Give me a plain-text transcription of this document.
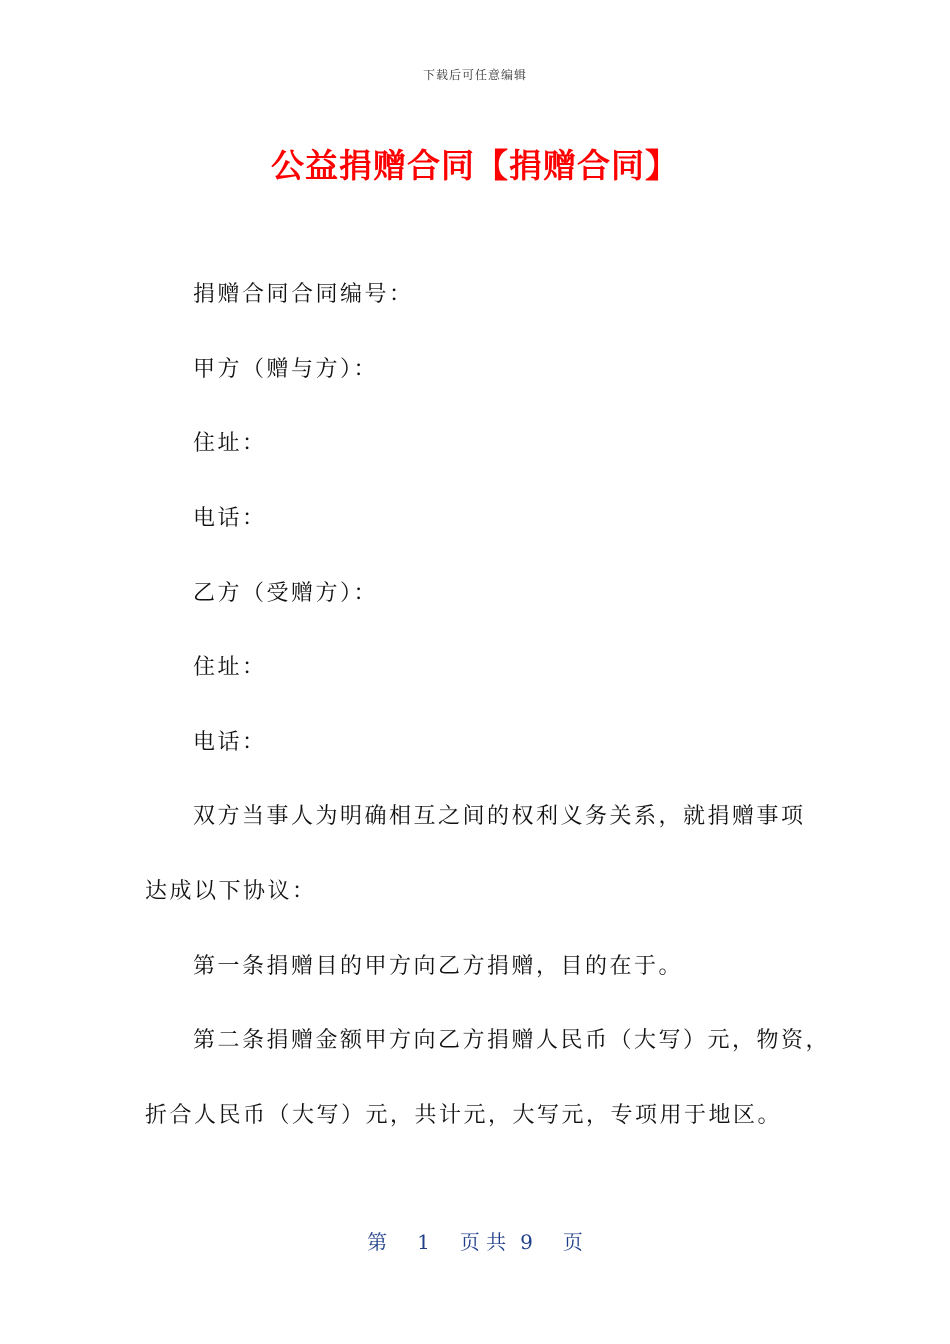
下载后可任意编辑
公益捐赠合同【捐赠合同】
捐赠合同合同编号：
甲方（赠与方）：
住址：
电话：
乙方（受赠方）：
住址：
电话：
双方当事人为明确相互之间的权利义务关系，就捐赠事项
达成以下协议：
第一条捐赠目的甲方向乙方捐赠，目的在于。
第二条捐赠金额甲方向乙方捐赠人民币（大写）元，物资，
折合人民币（大写）元，共计元，大写元，专项用于地区。
第 1 页 共 9 页
